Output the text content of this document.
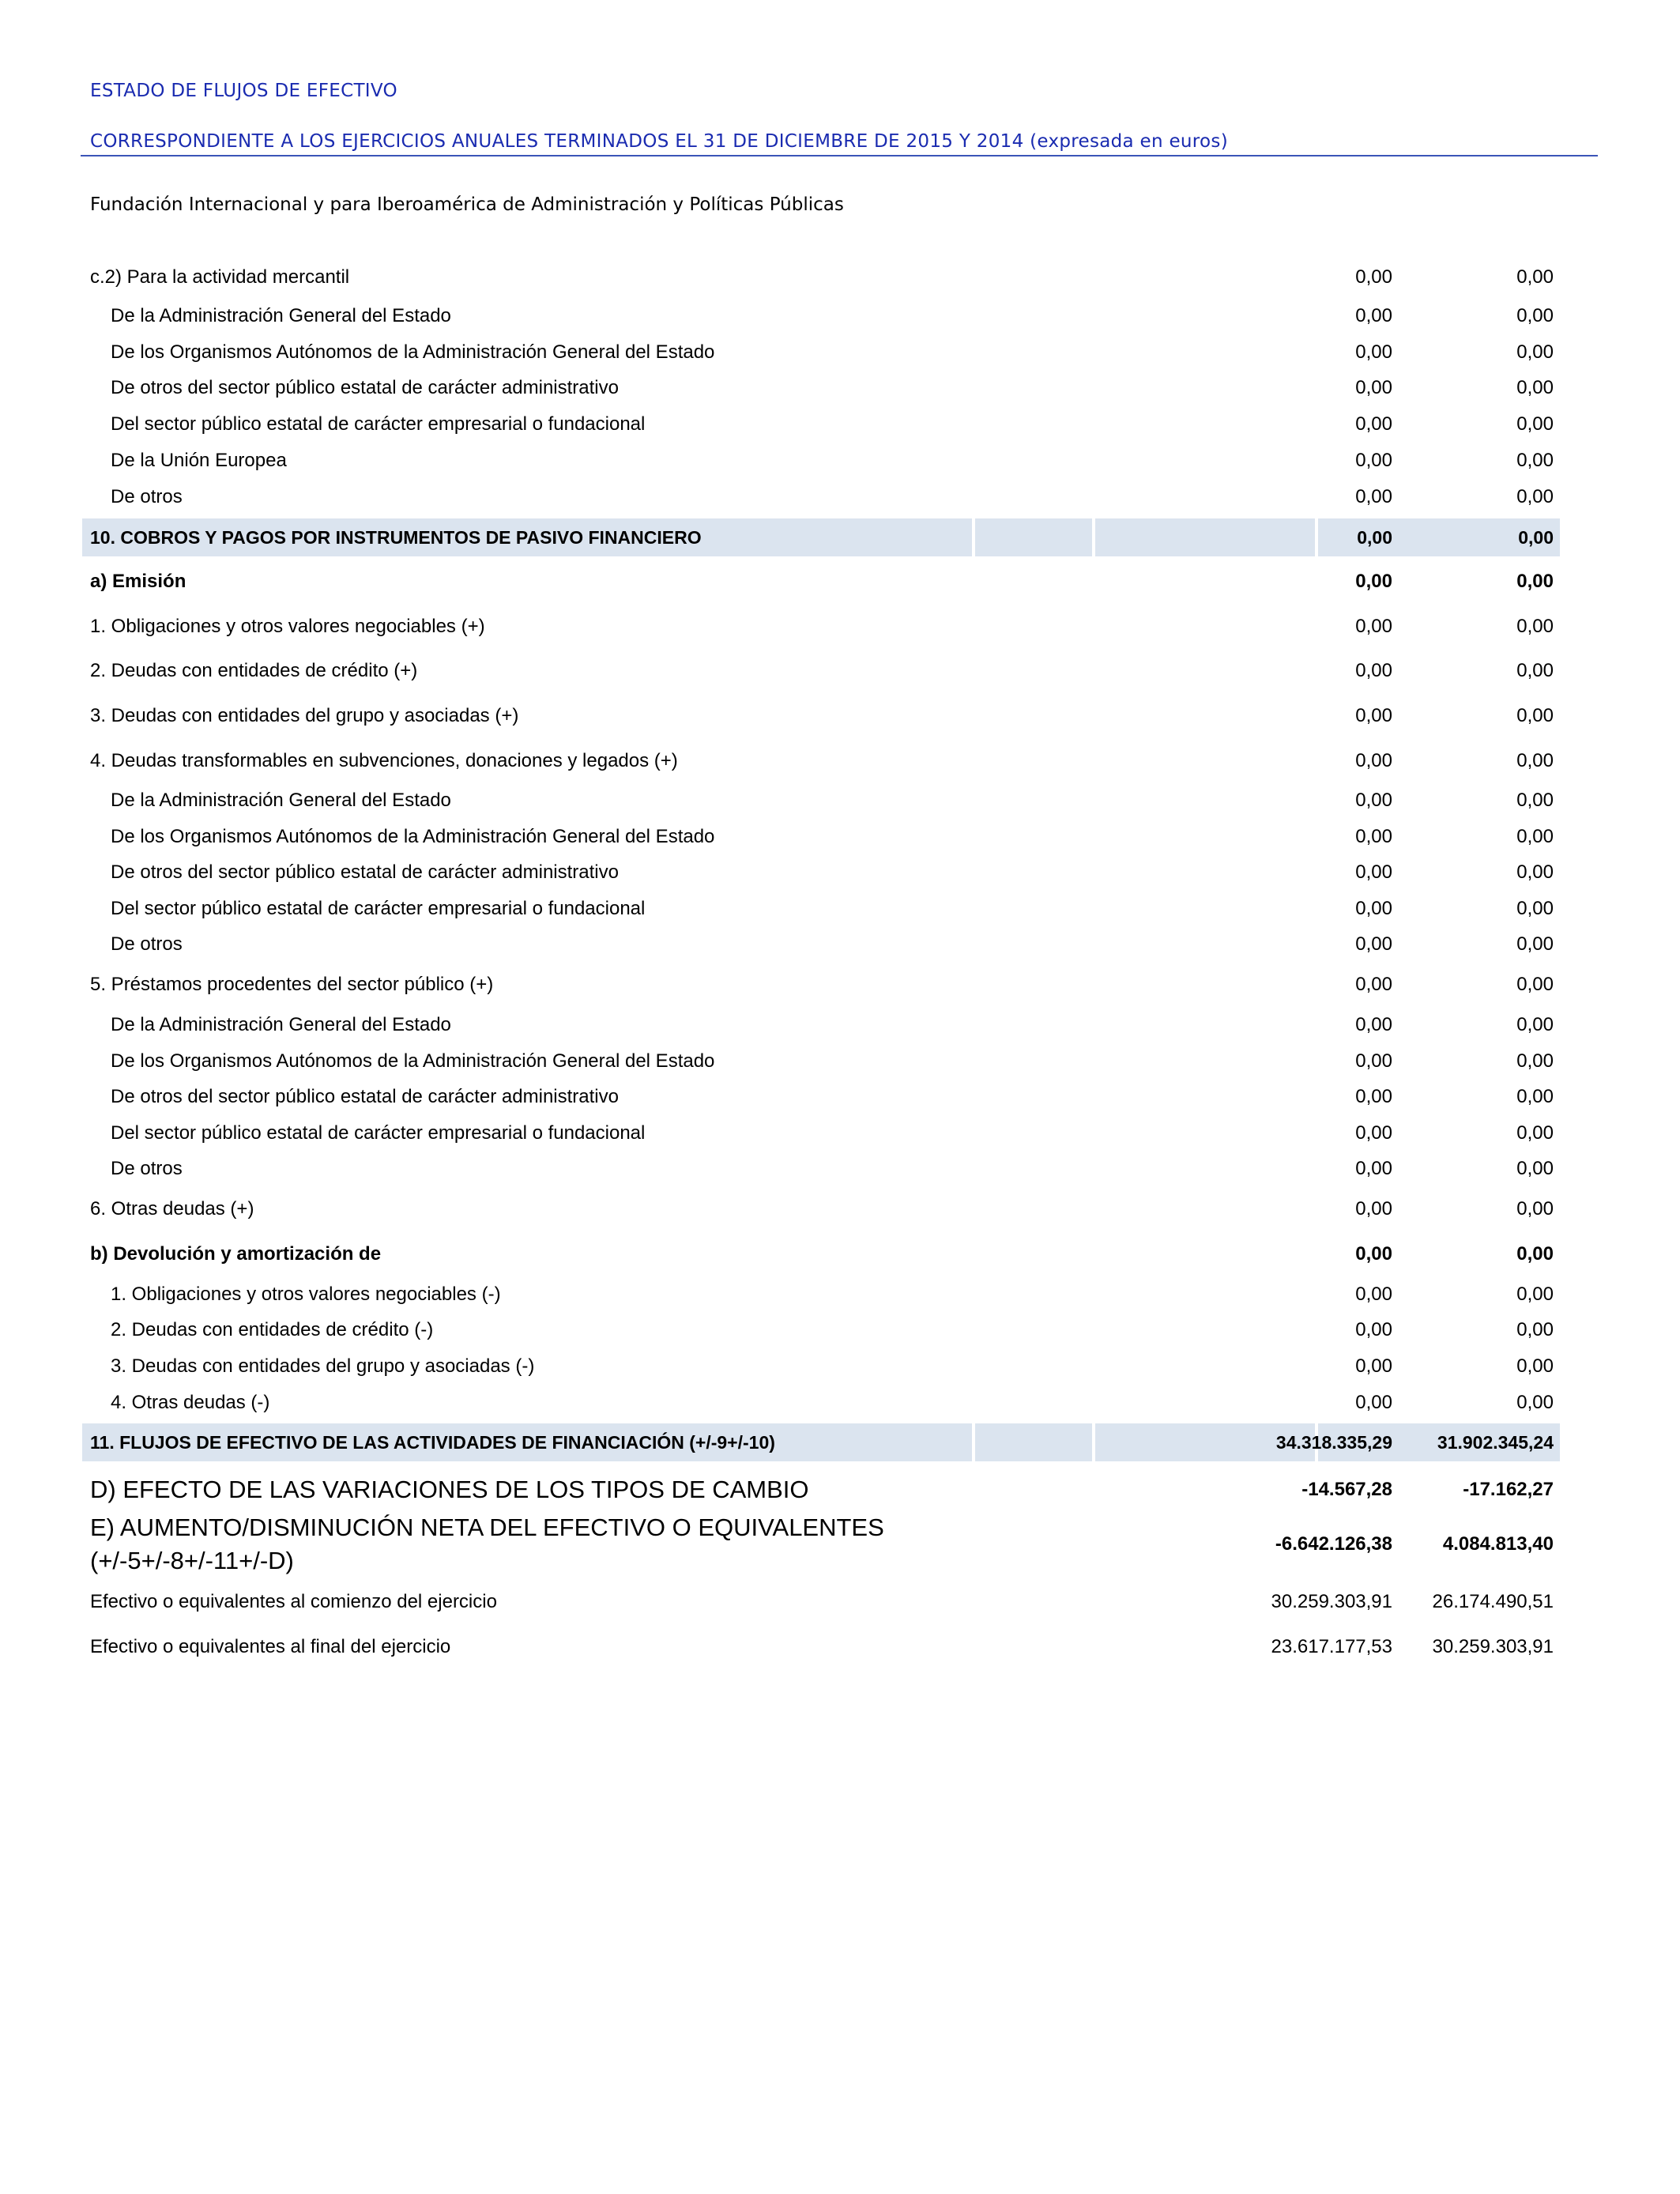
ESTADO DE FLUJOS DE EFECTIVO
CORRESPONDIENTE A LOS EJERCICIOS ANUALES TERMINADOS EL 31 DE DICIEMBRE DE 2015 Y 2014 (expresada en euros)
Fundación Internacional y para Iberoamérica de Administración y Políticas Públicas
c.2) Para la actividad mercantil	0,00	0,00
De la Administración General del Estado	0,00	0,00
De los Organismos Autónomos de la Administración General del Estado	0,00	0,00
De otros del sector público estatal de carácter administrativo	0,00	0,00
Del sector público estatal de carácter empresarial o fundacional	0,00	0,00
De la Unión Europea	0,00	0,00
De otros	0,00	0,00
10. COBROS Y PAGOS POR INSTRUMENTOS DE PASIVO FINANCIERO	0,00	0,00
a) Emisión	0,00	0,00
1. Obligaciones y otros valores negociables (+)	0,00	0,00
2. Deudas con entidades de crédito (+)	0,00	0,00
3. Deudas con entidades del grupo y asociadas (+)	0,00	0,00
4. Deudas transformables en subvenciones, donaciones y legados (+)	0,00	0,00
De la Administración General del Estado	0,00	0,00
De los Organismos Autónomos de la Administración General del Estado	0,00	0,00
De otros del sector público estatal de carácter administrativo	0,00	0,00
Del sector público estatal de carácter empresarial o fundacional	0,00	0,00
De otros	0,00	0,00
5. Préstamos procedentes del sector público (+)	0,00	0,00
De la Administración General del Estado	0,00	0,00
De los Organismos Autónomos de la Administración General del Estado	0,00	0,00
De otros del sector público estatal de carácter administrativo	0,00	0,00
Del sector público estatal de carácter empresarial o fundacional	0,00	0,00
De otros	0,00	0,00
6. Otras deudas (+)	0,00	0,00
b) Devolución y amortización de	0,00	0,00
1. Obligaciones y otros valores negociables (-)	0,00	0,00
2. Deudas con entidades de crédito (-)	0,00	0,00
3. Deudas con entidades del grupo y asociadas (-)	0,00	0,00
4. Otras deudas (-)	0,00	0,00
11. FLUJOS DE EFECTIVO DE LAS ACTIVIDADES DE FINANCIACIÓN (+/-9+/-10)	34.318.335,29 31.902.345,24
D) EFECTO DE LAS VARIACIONES DE LOS TIPOS DE CAMBIO	-14.567,28	-17.162,27
E) AUMENTO/DISMINUCIÓN NETA DEL EFECTIVO O EQUIVALENTES
(+/-5+/-8+/-11+/-D)
-6.642.126,38	4.084.813,40
Efectivo o equivalentes al comienzo del ejercicio	30.259.303,91 26.174.490,51
Efectivo o equivalentes al final del ejercicio	23.617.177,53 30.259.303,91
